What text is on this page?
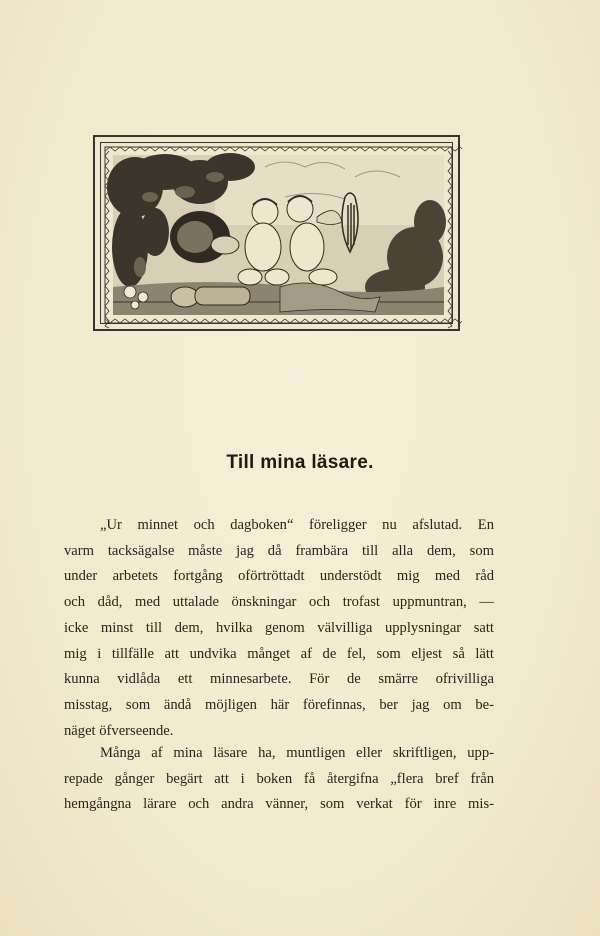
Till mina läsare.

„Ur minnet och dagboken“ föreligger nu afslutad. En
varm tacksägalse måste jag då frambära till alla dem, som
under arbetets fortgång oförtröttadt understödt mig med råd
och dåd, med uttalade önskningar och trofast uppmuntran, —
icke minst till dem, hvilka genom välvilliga upplysningar satt
mig i tillfälle att undvika månget af de fel, som eljest så lätt
kunna vidlåda ett minnesarbete. För de smärre ofrivilliga
misstag, som ändå möjligen här förefinnas, ber jag om be-
näget öfverseende.

Många af mina läsare ha, muntligen eller skriftligen, upp-
repade gånger begärt att i boken få återgifna „flera bref från
hemgångna lärare och andra vänner, som verkat för inre mis-
